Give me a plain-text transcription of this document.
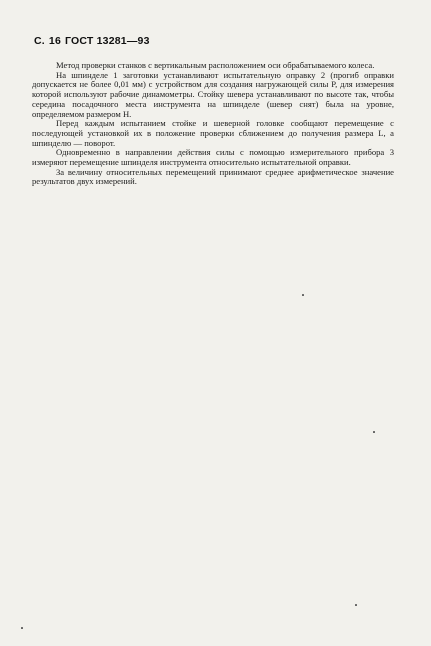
С. 16 ГОСТ 13281—93

Метод проверки станков с вертикальным расположением оси обрабатываемого колеса.

На шпинделе 1 заготовки устанавливают испытательную оправку 2 (прогиб оправки допускается не более 0,01 мм) с устройством для создания нагружающей силы P, для измерения которой используют рабочие динамометры. Стойку шевера устанавливают по высоте так, чтобы середина посадочного места инструмента на шпинделе (шевер снят) была на уровне, определяемом размером H.

Перед каждым испытанием стойке и шеверной головке сообщают перемещение с последующей установкой их в положение проверки сближением до получения размера L, а шпинделю — поворот.

Одновременно в направлении действия силы с помощью измерительного прибора 3 измеряют перемещение шпинделя инструмента относительно испытательной оправки.

За величину относительных перемещений принимают среднее арифметическое значение результатов двух измерений.
